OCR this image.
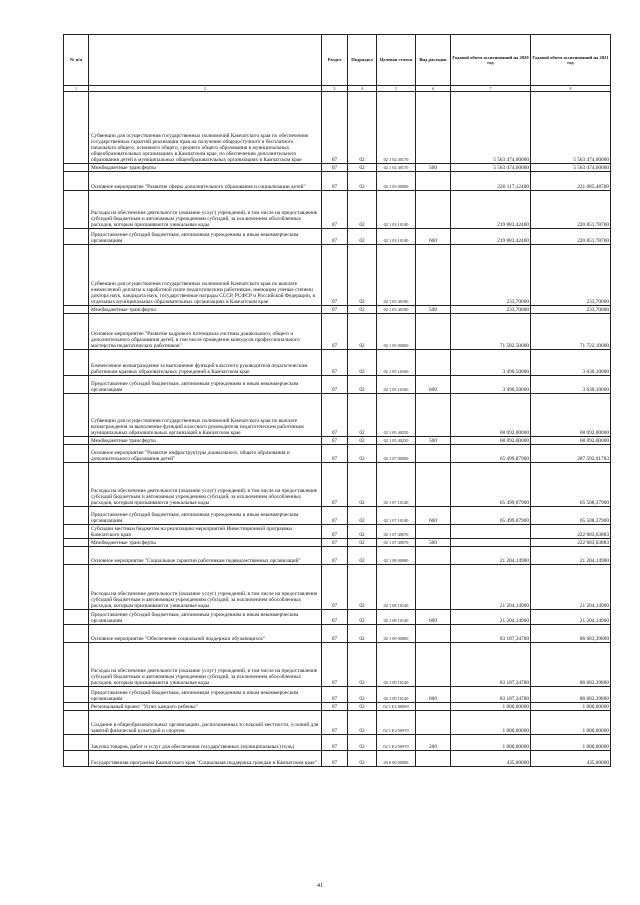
№ п/п		Раздел	Подраздел	Целевая статья	Вид расходов	Годовой объем ассигнований на 2020 год	Годовой объем ассигнований на 2021 год
1	2	3	4	5	6	7	8
	Субвенции для осуществления государственных полномочий Камчатского края по обеспечению государственных гарантий реализации прав на получение общедоступного и бесплатного начального общего, основного общего, среднего общего образования в муниципальных общеобразовательных организациях в Камчатском крае, по обеспечению дополнительного образования детей в муниципальных общеобразовательных организациях в Камчатском крае	07	02	02 1 02 40170		5 563 474,00000	5 563 474,00000
	Межбюджетные трансферты	07	02	02 1 02 40170	500	5 563 474,00000	5 563 474,00000
	Основное мероприятие "Развитие сферы дополнительного образования и социализации детей"	07	02	02 1 03 00000		220 117,12400	221 085,48700
	Расходы на обеспечение деятельности (оказание услуг) учреждений, в том числе на предоставление субсидий бюджетным и автономным учреждениям субсидий, за исключением обособленных расходов, которым присваиваются уникальные коды	07	02	02 1 03 10140		219 883,42400	220 851,78700
	Предоставление субсидий бюджетным, автономным учреждениям и иным некоммерческим организациям	07	02	02 1 03 10140	600	219 883,42400	220 851,78700
	Субвенции для осуществления государственных полномочий Камчатского края по выплате ежемесячной доплаты к заработной плате педагогическим работникам, имеющим ученые степени доктора наук, кандидата наук, государственные награды СССР, РСФСР и Российской Федерации, в отдельных муниципальных образовательных организациях в Камчатском крае	07	02	02 1 03 40190		233,70000	233,70000
	Межбюджетные трансферты	07	02	02 1 03 40190	500	233,70000	233,70000
	Основное мероприятие "Развитие кадрового потенциала системы дошкольного, общего и дополнительного образования детей, в том числе проведение конкурсов профессионального мастерства педагогических работников"	07	02	02 1 05 00000		71 582,50000	71 722,10000
	Ежемесячное вознаграждение за выполнение функций классного руководителя педагогическим работникам краевых образовательных учреждений в Камчатском крае	07	02	02 1 05 10160		3 490,50000	3 630,10000
	Предоставление субсидий бюджетным, автономным учреждениям и иным некоммерческим организациям	07	02	02 1 05 10160	600	3 490,50000	3 630,10000
	Субвенции для осуществления государственных полномочий Камчатского края по выплате вознаграждения за выполнение функций классного руководителя педагогическим работникам муниципальных образовательных организаций в Камчатском крае	07	02	02 1 05 40250		68 092,00000	68 092,00000
	Межбюджетные трансферты	07	02	02 1 05 40250	500	68 092,00000	68 092,00000
	Основное мероприятие "Развитие инфраструктуры дошкольного, общего образования и дополнительного образования детей"	07	02	02 1 07 00000		65 499,87900	287 592,01783
	Расходы на обеспечение деятельности (оказание услуг) учреждений, в том числе на предоставление субсидий бюджетным и автономным учреждениям субсидий, за исключением обособленных расходов, которым присваиваются уникальные коды	07	02	02 1 07 10140		65 499,87900	65 508,37900
	Предоставление субсидий бюджетным, автономным учреждениям и иным некоммерческим организациям	07	02	02 1 07 10140	600	65 499,87900	65 508,37900
	Субсидии местным бюджетам на реализацию мероприятий Инвестиционной программы Камчатского края	07	02	02 1 07 40070			222 083,63883
	Межбюджетные трансферты	07	02	02 1 07 40070	500		222 083,63883
	Основное мероприятие "Социальные гарантии работникам подведомственных организаций"	07	02	02 1 08 00000		21 204,14900	21 204,14900
	Расходы на обеспечение деятельности (оказание услуг) учреждений, в том числе на предоставление субсидий бюджетным и автономным учреждениям субсидий, за исключением обособленных расходов, которым присваиваются уникальные коды	07	02	02 1 08 10140		21 204,14900	21 204,14900
	Предоставление субсидий бюджетным, автономным учреждениям и иным некоммерческим организациям	07	02	02 1 08 10140	600	21 204,14900	21 204,14900
	Основное мероприятие "Обеспечение социальной поддержки обучающихся"	07	02	02 1 09 00000		83 187,34700	86 683,39800
	Расходы на обеспечение деятельности (оказание услуг) учреждений, в том числе на предоставление субсидий бюджетным и автономным учреждениям субсидий, за исключением обособленных расходов, которым присваиваются уникальные коды	07	02	02 1 09 10140		83 187,34700	86 683,39800
	Предоставление субсидий бюджетным, автономным учреждениям и иным некоммерческим организациям	07	02	02 1 09 10140	600	83 187,34700	86 683,39800
	Региональный проект "Успех каждого ребенка"	07	02	02 1 E2 00000		1 000,00000	1 000,00000
	Создание в общеобразовательных организациях, расположенных в сельской местности, условий для занятий физической культурой и спортом	07	02	02 1 E2 50970		1 000,00000	1 000,00000
	Закупка товаров, работ и услуг для обеспечения государственных (муниципальных) нужд	07	02	02 1 E2 50970	200	1 000,00000	1 000,00000
	Государственная программа Камчатского края "Социальная поддержка граждан в Камчатском крае"	07	02	03 0 00 00000		435,00000	435,00000
41
